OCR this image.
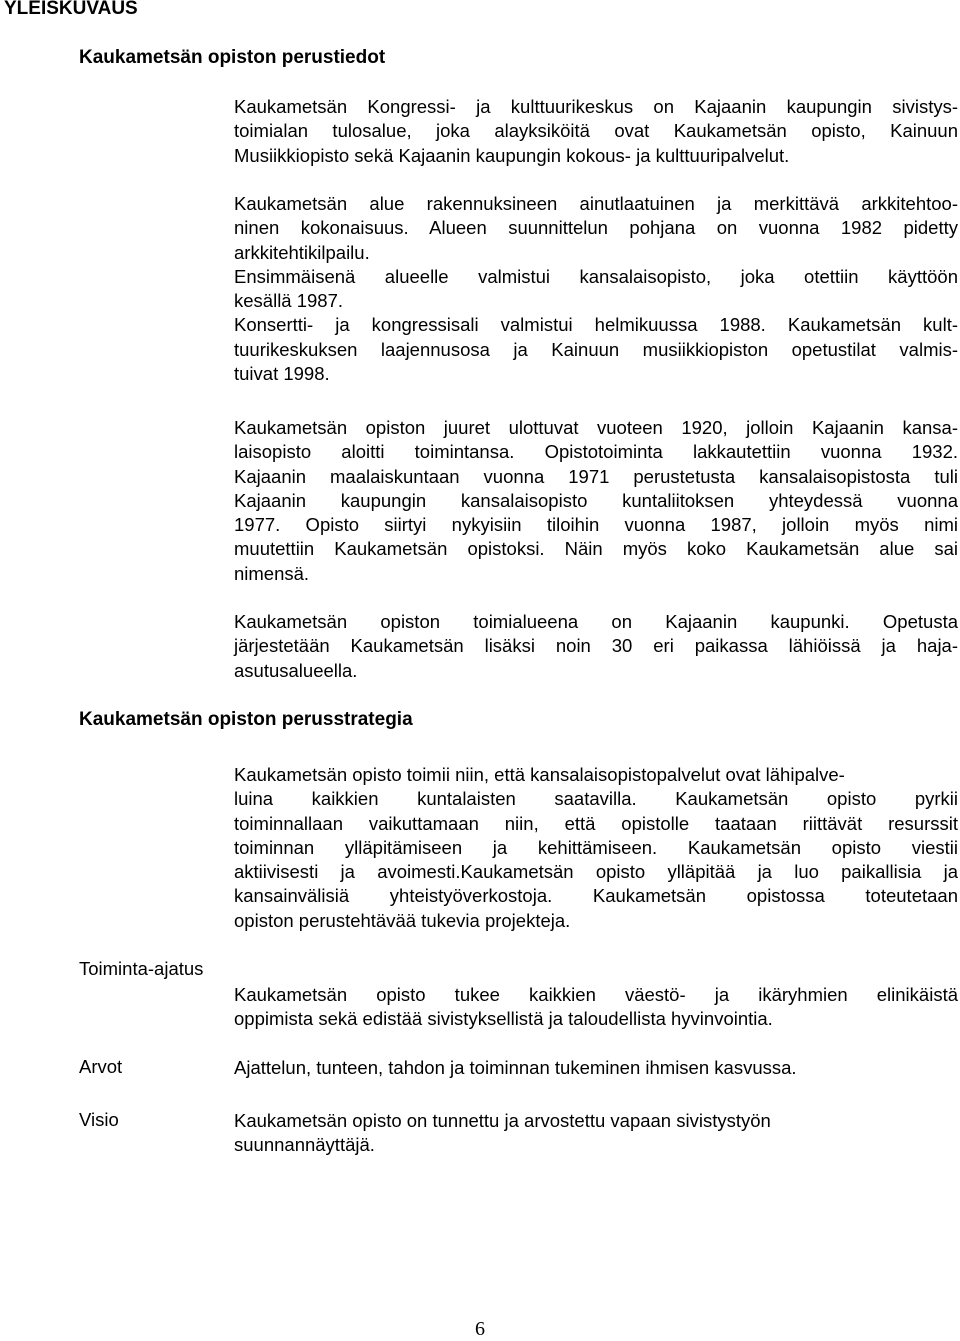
YLEISKUVAUS
Kaukametsän opiston perustiedot
Kaukametsän Kongressi- ja kulttuurikeskus on Kajaanin kaupungin sivistys-
toimialan tulosalue, joka alayksiköitä ovat Kaukametsän opisto, Kainuun
Musiikkiopisto sekä Kajaanin kaupungin kokous- ja kulttuuripalvelut.
Kaukametsän alue rakennuksineen ainutlaatuinen ja merkittävä arkkitehtoo-
ninen kokonaisuus. Alueen suunnittelun pohjana on vuonna 1982 pidetty
arkkitehtikilpailu.
Ensimmäisenä alueelle valmistui kansalaisopisto, joka otettiin käyttöön
kesällä 1987.
Konsertti- ja kongressisali valmistui helmikuussa 1988. Kaukametsän kult-
tuurikeskuksen laajennusosa ja Kainuun musiikkiopiston opetustilat valmis-
tuivat 1998.
Kaukametsän opiston juuret ulottuvat vuoteen 1920, jolloin Kajaanin kansa-
laisopisto aloitti toimintansa. Opistotoiminta lakkautettiin vuonna 1932.
Kajaanin maalaiskuntaan vuonna 1971 perustetusta kansalaisopistosta tuli
Kajaanin kaupungin kansalaisopisto kuntaliitoksen yhteydessä vuonna
1977. Opisto siirtyi nykyisiin tiloihin vuonna 1987, jolloin myös nimi
muutettiin Kaukametsän opistoksi. Näin myös koko Kaukametsän alue sai
nimensä.
Kaukametsän opiston toimialueena on Kajaanin kaupunki. Opetusta
järjestetään Kaukametsän lisäksi noin 30 eri paikassa lähiöissä ja haja-
asutusalueella.
Kaukametsän opiston perusstrategia
Kaukametsän opisto toimii niin, että kansalaisopistopalvelut ovat lähipalve-
luina kaikkien kuntalaisten saatavilla. Kaukametsän opisto pyrkii
toiminnallaan vaikuttamaan niin, että opistolle taataan riittävät resurssit
toiminnan ylläpitämiseen ja kehittämiseen. Kaukametsän opisto viestii
aktiivisesti ja avoimesti.Kaukametsän opisto ylläpitää ja luo paikallisia ja
kansainvälisiä yhteistyöverkostoja. Kaukametsän opistossa toteutetaan
opiston perustehtävää tukevia projekteja.
Toiminta-ajatus
Kaukametsän opisto tukee kaikkien väestö- ja ikäryhmien elinikäistä
oppimista sekä edistää sivistyksellistä ja taloudellista hyvinvointia.
Arvot	Ajattelun, tunteen, tahdon ja toiminnan tukeminen ihmisen kasvussa.
Visio	Kaukametsän opisto on tunnettu ja arvostettu vapaan sivistystyön
suunnannäyttäjä.
6
